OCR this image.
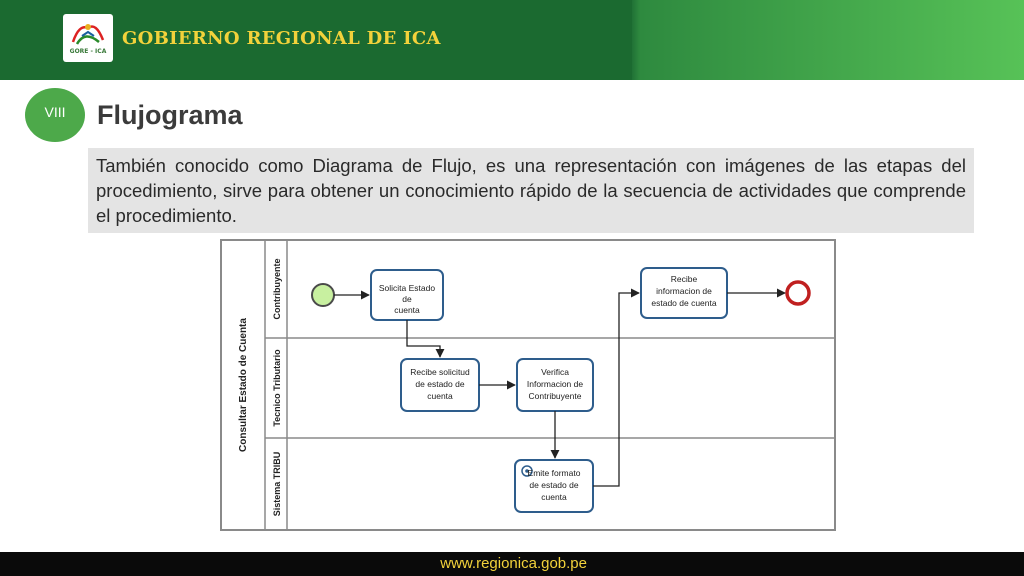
GORE - ICA
GOBIERNO REGIONAL DE ICA
VIII	Flujograma
También conocido como Diagrama de Flujo, es una representación con imágenes de las etapas del procedimiento, sirve para obtener un conocimiento rápido de la secuencia de actividades que comprende el procedimiento.
Consultar Estado de Cuenta
Contribuyente
Tecnico Tributario
Sistema TRIBU
Solicita Estado
de
cuenta
Recibe
informacion de
estado de cuenta
Recibe solicitud
de estado de
cuenta
Verifica
Informacion de
Contribuyente
Emite formato
de estado de
cuenta
www.regionica.gob.pe
